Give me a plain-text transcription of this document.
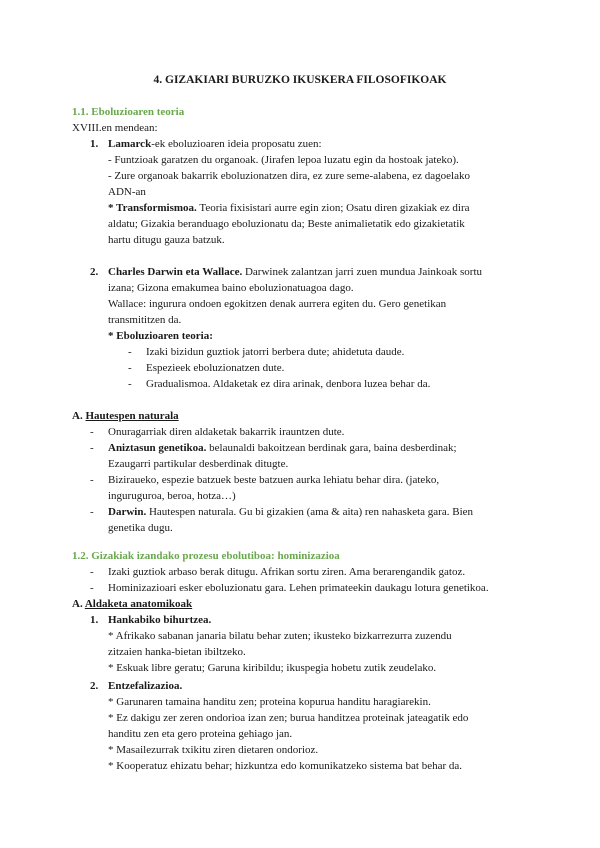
4. GIZAKIARI BURUZKO IKUSKERA FILOSOFIKOAK
1.1. Eboluzioaren teoria
XVIII.en mendean:
1. Lamarck-ek eboluzioaren ideia proposatu zuen:
- Funtzioak garatzen du organoak. (Jirafen lepoa luzatu egin da hostoak jateko).
- Zure organoak bakarrik eboluzionatzen dira, ez zure seme-alabena, ez dagoelako
ADN-an
* Transformismoa. Teoria fixisistari aurre egin zion; Osatu diren gizakiak ez dira
aldatu; Gizakia beranduago eboluzionatu da; Beste animalietatik edo gizakietatik
hartu ditugu gauza batzuk.
2. Charles Darwin eta Wallace. Darwinek zalantzan jarri zuen mundua Jainkoak sortu
izana; Gizona emakumea baino eboluzionatuagoa dago.
Wallace: ingurura ondoen egokitzen denak aurrera egiten du. Gero genetikan
transmititzen da.
* Eboluzioaren teoria:
- Izaki bizidun guztiok jatorri berbera dute; ahidetuta daude.
- Espezieek eboluzionatzen dute.
- Gradualismoa. Aldaketak ez dira arinak, denbora luzea behar da.
A. Hautespen naturala
- Onuragarriak diren aldaketak bakarrik irauntzen dute.
- Aniztasun genetikoa. belaunaldi bakoitzean berdinak gara, baina desberdinak;
Ezaugarri partikular desberdinak ditugte.
- Biziraueko, espezie batzuek beste batzuen aurka lehiatu behar dira. (jateko,
inguruguroa, beroa, hotza…)
- Darwin. Hautespen naturala. Gu bi gizakien (ama & aita) ren nahasketa gara. Bien
genetika dugu.
1.2. Gizakiak izandako prozesu ebolutiboa: hominizazioa
- Izaki guztiok arbaso berak ditugu. Afrikan sortu ziren. Ama berarengandik gatoz.
- Hominizazioari esker eboluzionatu gara. Lehen primateekin daukagu lotura genetikoa.
A. Aldaketa anatomikoak
1. Hankabiko bihurtzea.
* Afrikako sabanan janaria bilatu behar zuten; ikusteko bizkarrezurra zuzendu
zitzaien hanka-bietan ibiltzeko.
* Eskuak libre geratu; Garuna kiribildu; ikuspegia hobetu zutik zeudelako.
2. Entzefalizazioa.
* Garunaren tamaina handitu zen; proteina kopurua handitu haragiarekin.
* Ez dakigu zer zeren ondorioa izan zen; burua handitzea proteinak jateagatik edo
handitu zen eta gero proteina gehiago jan.
* Masailezurrak txikitu ziren dietaren ondorioz.
* Kooperatuz ehizatu behar; hizkuntza edo komunikatzeko sistema bat behar da.
